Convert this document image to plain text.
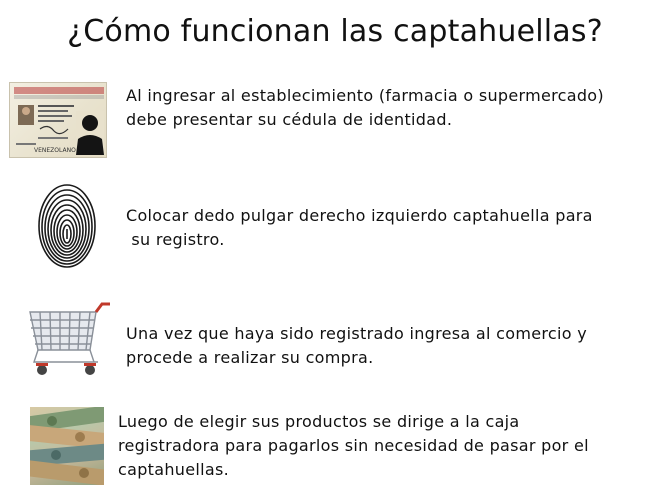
¿Cómo funcionan las captahuellas?
VENEZOLANO
Al ingresar al establecimiento (farmacia o supermercado)
debe presentar su cédula de identidad.
Colocar dedo pulgar derecho izquierdo captahuella para
su registro.
Una vez que haya sido registrado ingresa al comercio y
procede a realizar su compra.
Luego de elegir sus productos se dirige a la caja
registradora para pagarlos sin necesidad de pasar por el
captahuellas.
